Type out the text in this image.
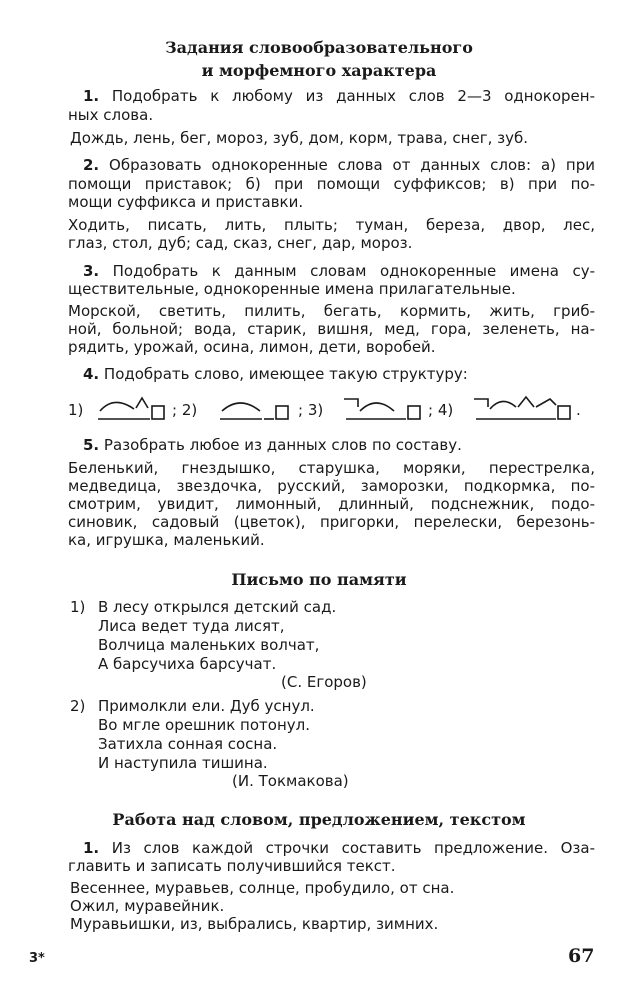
Задания словообразовательного
и морфемного характера
1. Подобрать к любому из данных слов 2—3 однокорен-
ных слова.
Дождь, лень, бег, мороз, зуб, дом, корм, трава, снег, зуб.
2. Образовать однокоренные слова от данных слов: а) при
помощи приставок; б) при помощи суффиксов; в) при по-
мощи суффикса и приставки.
Ходить, писать, лить, плыть; туман, береза, двор, лес,
глаз, стол, дуб; сад, сказ, снег, дар, мороз.
3. Подобрать к данным словам однокоренные имена су-
ществительные, однокоренные имена прилагательные.
Морской, светить, пилить, бегать, кормить, жить, гриб-
ной, больной; вода, старик, вишня, мед, гора, зеленеть, на-
рядить, урожай, осина, лимон, дети, воробей.
4. Подобрать слово, имеющее такую структуру:
1)	; 2)	; 3)	; 4)	.
5. Разобрать любое из данных слов по составу.
Беленький, гнездышко, старушка, моряки, перестрелка,
медведица, звездочка, русский, заморозки, подкормка, по-
смотрим, увидит, лимонный, длинный, подснежник, подо-
синовик, садовый (цветок), пригорки, перелески, березонь-
ка, игрушка, маленький.
Письмо по памяти
1) В лесу открылся детский сад.
Лиса ведет туда лисят,
Волчица маленьких волчат,
А барсучиха барсучат.
(С. Егоров)
2) Примолкли ели. Дуб уснул.
Во мгле орешник потонул.
Затихла сонная сосна.
И наступила тишина.
(И. Токмакова)
Работа над словом, предложением, текстом
1. Из слов каждой строчки составить предложение. Оза-
главить и записать получившийся текст.
Весеннее, муравьев, солнце, пробудило, от сна.
Ожил, муравейник.
Муравьишки, из, выбрались, квартир, зимних.
3*	67
